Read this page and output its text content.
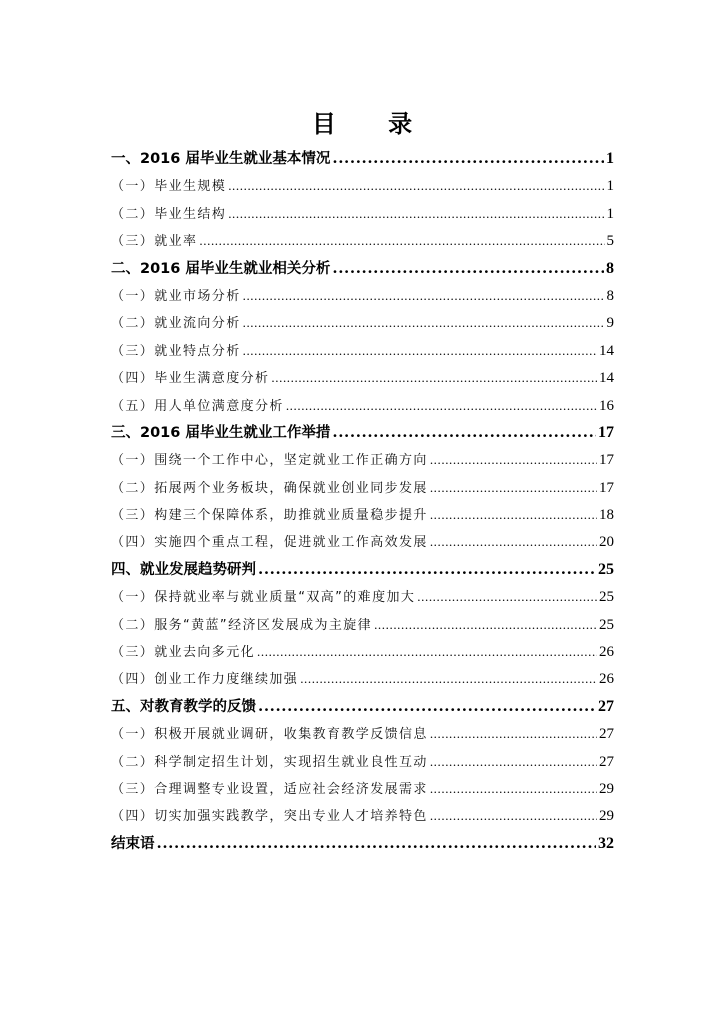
目 录
一、2016 届毕业生就业基本情况 .....	1
（一）毕业生规模 .....	1
（二）毕业生结构 .....	1
（三）就业率 .....	5
二、2016 届毕业生就业相关分析 .....	8
（一）就业市场分析 .....	8
（二）就业流向分析 .....	9
（三）就业特点分析 .....	14
（四）毕业生满意度分析 .....	14
（五）用人单位满意度分析 .....	16
三、2016 届毕业生就业工作举措 .....	17
（一）围绕一个工作中心，坚定就业工作正确方向 .....	17
（二）拓展两个业务板块，确保就业创业同步发展 .....	17
（三）构建三个保障体系，助推就业质量稳步提升 .....	18
（四）实施四个重点工程，促进就业工作高效发展 .....	20
四、就业发展趋势研判 .....	25
（一）保持就业率与就业质量“双高”的难度加大 .....	25
（二）服务“黄蓝”经济区发展成为主旋律 .....	25
（三）就业去向多元化 .....	26
（四）创业工作力度继续加强 .....	26
五、对教育教学的反馈 .....	27
（一）积极开展就业调研，收集教育教学反馈信息 .....	27
（二）科学制定招生计划，实现招生就业良性互动 .....	27
（三）合理调整专业设置，适应社会经济发展需求 .....	29
（四）切实加强实践教学，突出专业人才培养特色 .....	29
结束语 .....	32
